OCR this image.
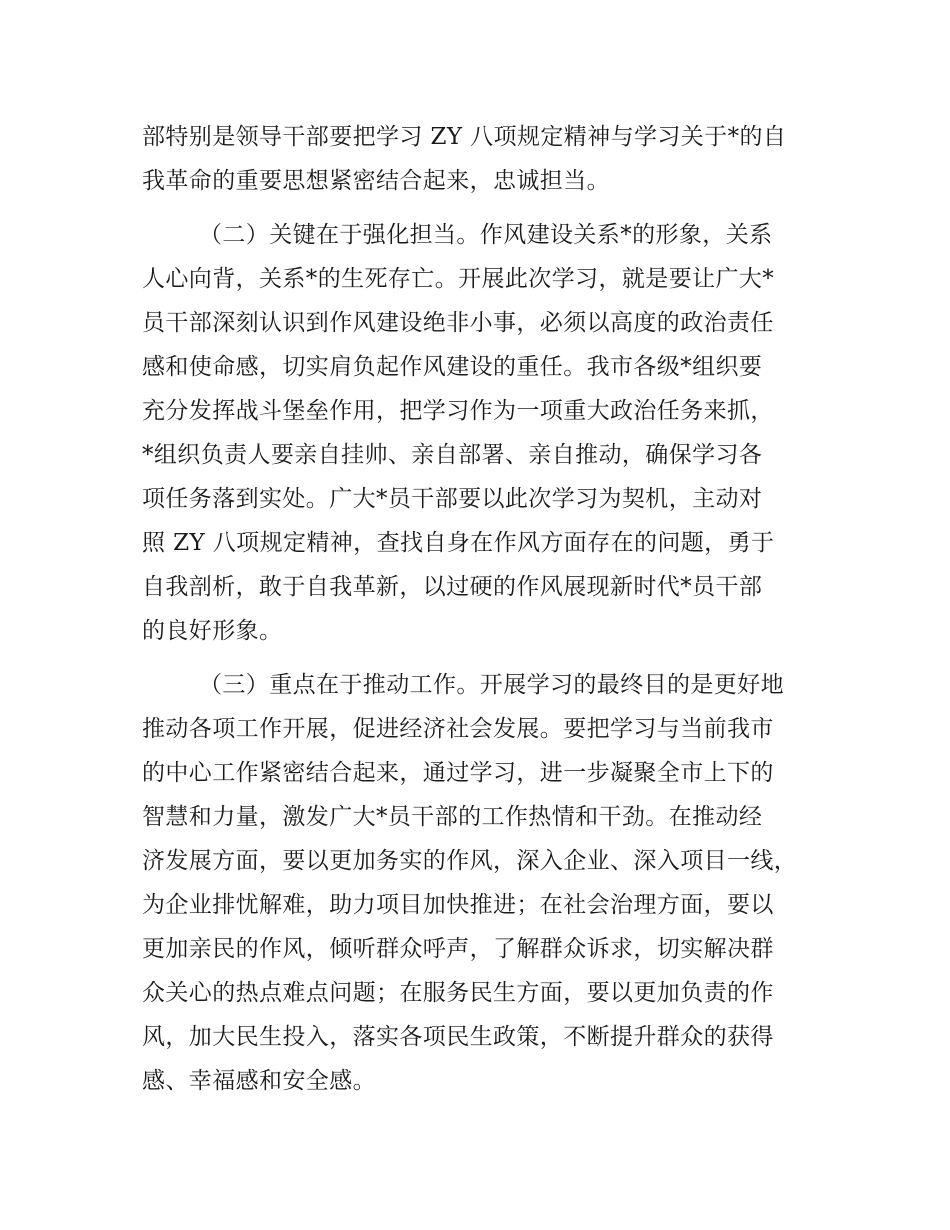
部特别是领导干部要把学习 ZY 八项规定精神与学习关于*的自
我革命的重要思想紧密结合起来，忠诚担当。
（二）关键在于强化担当。作风建设关系*的形象，关系
人心向背，关系*的生死存亡。开展此次学习，就是要让广大*
员干部深刻认识到作风建设绝非小事，必须以高度的政治责任
感和使命感，切实肩负起作风建设的重任。我市各级*组织要
充分发挥战斗堡垒作用，把学习作为一项重大政治任务来抓，
*组织负责人要亲自挂帅、亲自部署、亲自推动，确保学习各
项任务落到实处。广大*员干部要以此次学习为契机，主动对
照 ZY 八项规定精神，查找自身在作风方面存在的问题，勇于
自我剖析，敢于自我革新，以过硬的作风展现新时代*员干部
的良好形象。
（三）重点在于推动工作。开展学习的最终目的是更好地
推动各项工作开展，促进经济社会发展。要把学习与当前我市
的中心工作紧密结合起来，通过学习，进一步凝聚全市上下的
智慧和力量，激发广大*员干部的工作热情和干劲。在推动经
济发展方面，要以更加务实的作风，深入企业、深入项目一线，
为企业排忧解难，助力项目加快推进；在社会治理方面，要以
更加亲民的作风，倾听群众呼声，了解群众诉求，切实解决群
众关心的热点难点问题；在服务民生方面，要以更加负责的作
风，加大民生投入，落实各项民生政策，不断提升群众的获得
感、幸福感和安全感。
